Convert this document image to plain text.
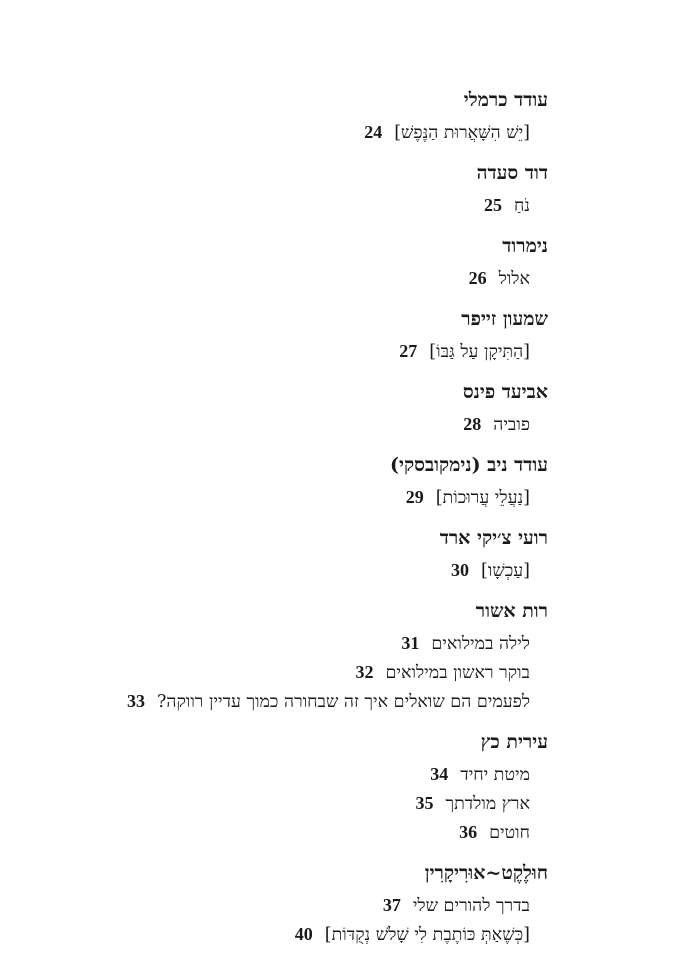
עודד כרמלי
[יֵשׁ הִשָּׁאֲרוּת הַנֶּפֶשׁ]24
דוד סעדה
נֹחַ25
נימרוד
אלול26
שמעון זייפר
[הַתִּיקָן עַל גַּבּוֹ]27
אביעד פינס
פוביה28
עודד ניב (נימקובסקי)
[נַעֲלֵי עֲרוּכוֹת]29
רועי צ׳יקי ארד
[עַכְשָׁו]30
רות אשור
לילה במילואים31
בוקר ראשון במילואים32
לפעמים הם שואלים איך זה שבחורה כמוך עדיין רווקה?33
עירית כץ
מיטת יחיד34
ארץ מולדתך35
חוטים36
חוּלֶקֶט~אוּרִיקָרִין
בדרך להורים שלי37
[כְּשֶׁאַתְּ כּוֹתֶבֶת לִי שָׁלֹשׁ נְקֻדּוֹת]40
